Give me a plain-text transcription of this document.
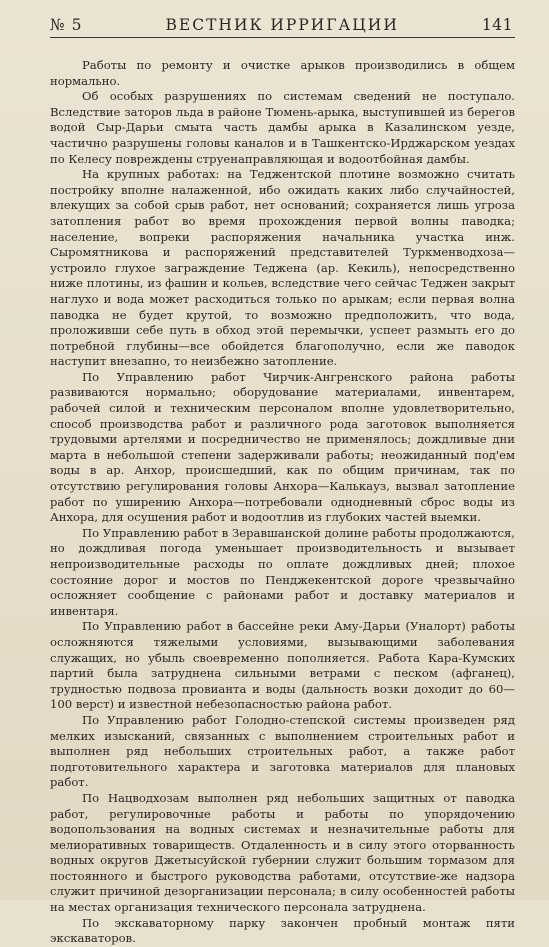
№ 5	ВЕСТНИК ИРРИГАЦИИ	141

Работы по ремонту и очистке арыков производились в общем нормально.

Об особых разрушениях по системам сведений не поступало. Вследствие заторов льда в районе Тюмень-арыка, выступившей из берегов водой Сыр-Дарьи смыта часть дамбы арыка в Казалинском уезде, частично разрушены головы каналов и в Ташкентско-Ирджарском уездах по Келесу повреждены струенаправляющая и водоотбойная дамбы.

На крупных работах: на Теджентской плотине возможно считать постройку вполне налаженной, ибо ожидать каких либо случайностей, влекущих за собой срыв работ, нет оснований; сохраняется лишь угроза затопления работ во время прохождения первой волны паводка; население, вопреки распоряжения начальника участка инж. Сыромятникова и распоряжений представителей Туркменводхоза—устроило глухое заграждение Теджена (ар. Кекиль), непосредственно ниже плотины, из фашин и кольев, вследствие чего сейчас Теджен закрыт наглухо и вода может расходиться только по арыкам; если первая волна паводка не будет крутой, то возможно предположить, что вода, проложивши себе путь в обход этой перемычки, успеет размыть его до потребной глубины—все обойдется благополучно, если же паводок наступит внезапно, то неизбежно затопление.

По Управлению работ Чирчик-Ангренского района работы развиваются нормально; оборудование материалами, инвентарем, рабочей силой и техническим персоналом вполне удовлетворительно, способ производства работ и различного рода заготовок выполняется трудовыми артелями и посредничество не применялось; дождливые дни марта в небольшой степени задерживали работы; неожиданный под'ем воды в ар. Анхор, происшедший, как по общим причинам, так по отсутствию регулирования головы Анхора—Калькауз, вызвал затопление работ по уширению Анхора—потребовали однодневный сброс воды из Анхора, для осушения работ и водоотлив из глубоких частей выемки.

По Управлению работ в Зеравшанской долине работы продолжаются, но дождливая погода уменьшает производительность и вызывает непроизводительные расходы по оплате дождливых дней; плохое состояние дорог и мостов по Пенджекентской дороге чрезвычайно осложняет сообщение с районами работ и доставку материалов и инвентаря.

По Управлению работ в бассейне реки Аму-Дарьи (Уналорт) работы осложняются тяжелыми условиями, вызывающими заболевания служащих, но убыль своевременно пополняется. Работа Кара-Кумских партий была затруднена сильными ветрами с песком (афганец), трудностью подвоза провианта и воды (дальность возки доходит до 60—100 верст) и известной небезопасностью района работ.

По Управлению работ Голодно-степской системы произведен ряд мелких изысканий, связанных с выполнением строительных работ и выполнен ряд небольших строительных работ, а также работ подготовительного характера и заготовка материалов для плановых работ.

По Нацводхозам выполнен ряд небольших защитных от паводка работ, регулировочные работы и работы по упорядочению водопользования на водных системах и незначительные работы для мелиоративных товариществ. Отдаленность и в силу этого оторванность водных округов Джетысуйской губернии служит большим тормазом для постоянного и быстрого руководства работами, отсутствие-же надзора служит причиной дезорганизации персонала; в силу особенностей работы на местах организация технического персонала затруднена.

По экскаваторному парку закончен пробный монтаж пяти экскаваторов.
